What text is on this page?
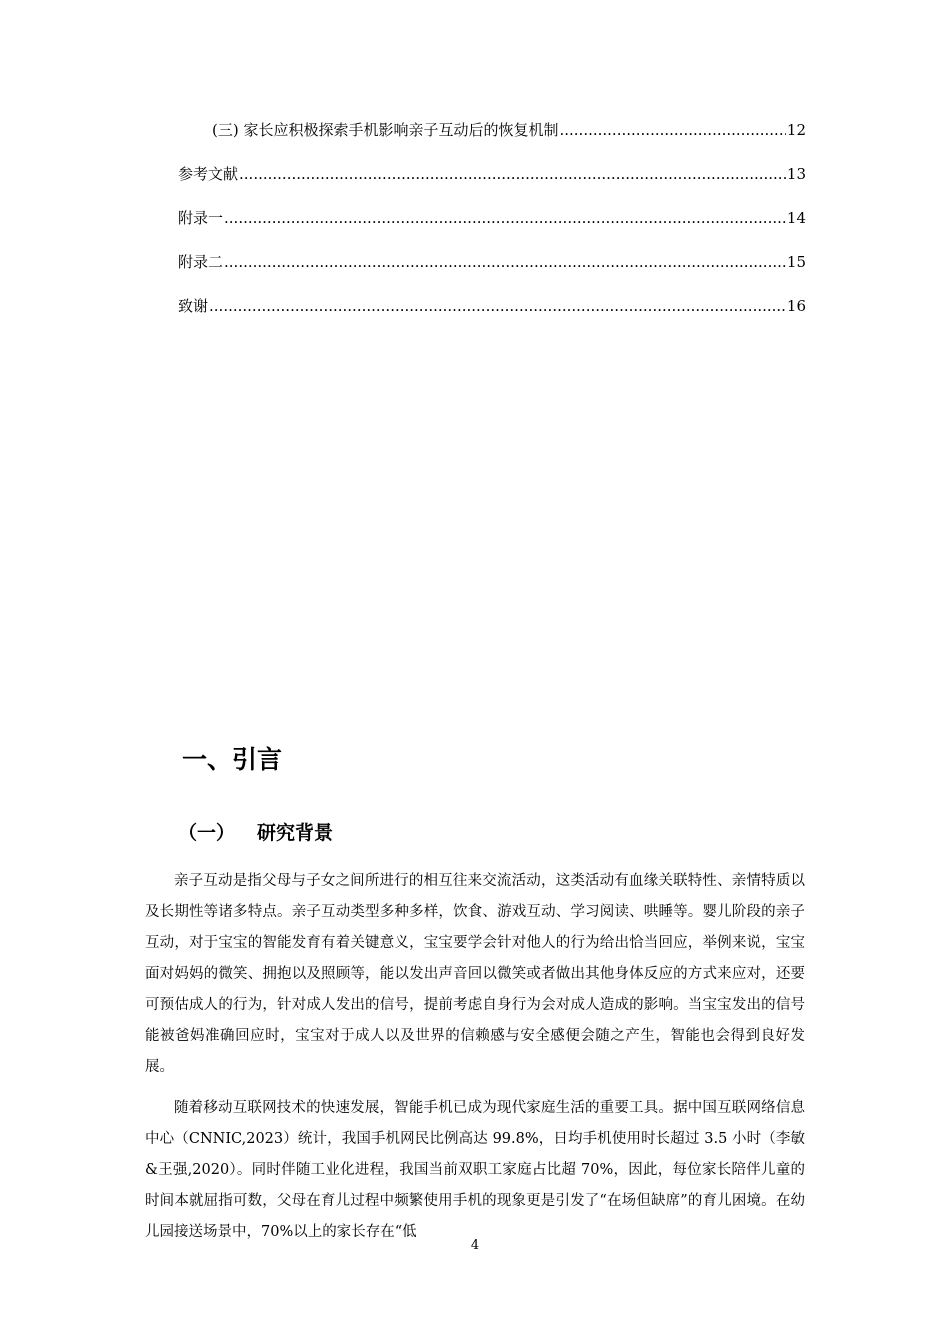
(三) 家长应积极探索手机影响亲子互动后的恢复机制 .....	12
参考文献 .....	13
附录一 .....	14
附录二 .....	15
致谢 .....	16
一、引言
（一） 研究背景

亲子互动是指父母与子女之间所进行的相互往来交流活动，这类活动有血缘关联特性、亲情特质以及长期性等诸多特点。亲子互动类型多种多样，饮食、游戏互动、学习阅读、哄睡等。婴儿阶段的亲子互动，对于宝宝的智能发育有着关键意义，宝宝要学会针对他人的行为给出恰当回应，举例来说，宝宝面对妈妈的微笑、拥抱以及照顾等，能以发出声音回以微笑或者做出其他身体反应的方式来应对，还要可预估成人的行为，针对成人发出的信号，提前考虑自身行为会对成人造成的影响。当宝宝发出的信号能被爸妈准确回应时，宝宝对于成人以及世界的信赖感与安全感便会随之产生，智能也会得到良好发展。

随着移动互联网技术的快速发展，智能手机已成为现代家庭生活的重要工具。据中国互联网络信息中心（CNNIC,2023）统计，我国手机网民比例高达 99.8%，日均手机使用时长超过 3.5 小时（李敏&王强,2020）。同时伴随工业化进程，我国当前双职工家庭占比超 70%，因此，每位家长陪伴儿童的时间本就屈指可数，父母在育儿过程中频繁使用手机的现象更是引发了“在场但缺席”的育儿困境。在幼儿园接送场景中，70%以上的家长存在“低

4
